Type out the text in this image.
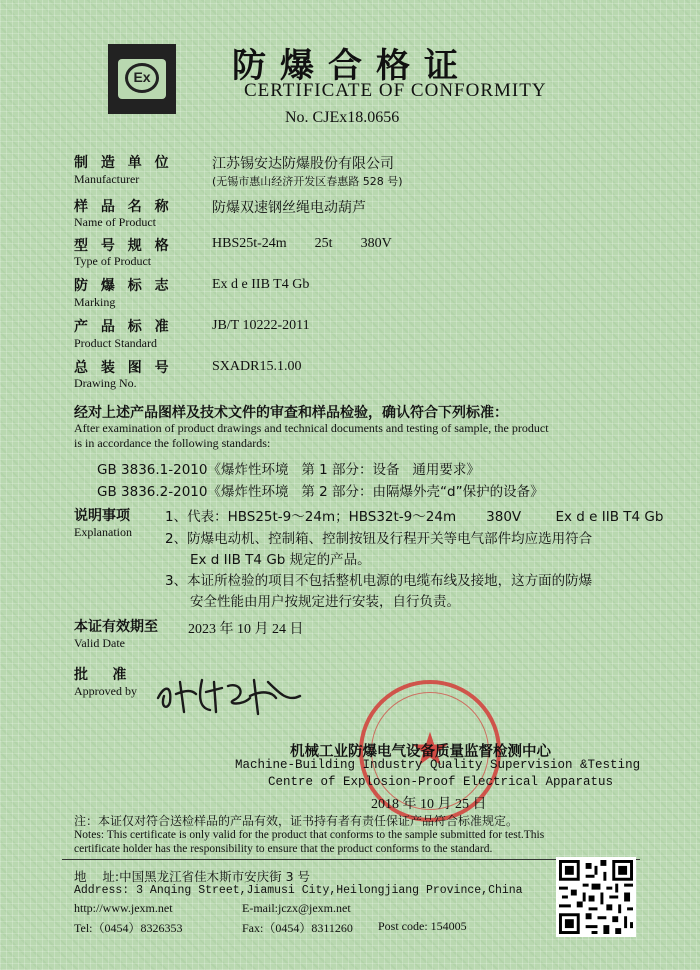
Ex	防爆合格证
CERTIFICATE OF CONFORMITY
No. CJEx18.0656
制 造 单 位
Manufacturer
江苏锡安达防爆股份有限公司
(无锡市惠山经济开发区春惠路 528 号)
样 品 名 称
Name of Product
防爆双速钢丝绳电动葫芦
型 号 规 格
Type of Product
HBS25t-24m        25t        380V
防 爆 标 志
Marking
Ex d e IIB T4 Gb
产 品 标 准
Product Standard
JB/T 10222-2011
总 装 图 号
Drawing No.
SXADR15.1.00
经对上述产品图样及技术文件的审查和样品检验，确认符合下列标准：
After examination of product drawings and technical documents and testing of sample, the product
is in accordance the following standards:
GB 3836.1-2010《爆炸性环境   第 1 部分：设备   通用要求》
GB 3836.2-2010《爆炸性环境   第 2 部分：由隔爆外壳“d”保护的设备》
说明事项
Explanation
1、代表：HBS25t-9～24m；HBS32t-9～24m       380V        Ex d e IIB T4 Gb
2、防爆电动机、控制箱、控制按钮及行程开关等电气部件均应选用符合
Ex d IIB T4 Gb 规定的产品。
3、本证所检验的项目不包括整机电源的电缆布线及接地，这方面的防爆
安全性能由用户按规定进行安装，自行负责。
本证有效期至
Valid Date
2023 年 10 月 24 日
批     准
Approved by
★
机械工业防爆电气设备质量监督检测中心
Machine-Building Industry Quality Supervision &Testing
Centre of Explosion-Proof Electrical Apparatus
2018 年 10 月 25 日
注：本证仅对符合送检样品的产品有效，证书持有者有责任保证产品符合标准规定。
Notes: This certificate is only valid for the product that conforms to the sample submitted for test.This
certificate holder has the responsibility to ensure that the product conforms to the standard.
地    址:中国黑龙江省佳木斯市安庆街 3 号
Address: 3 Anqing Street,Jiamusi City,Heilongjiang Province,China
http://www.jexm.net	E-mail:jczx@jexm.net
Tel:（0454）8326353	Fax:（0454）8311260 Post code: 154005
